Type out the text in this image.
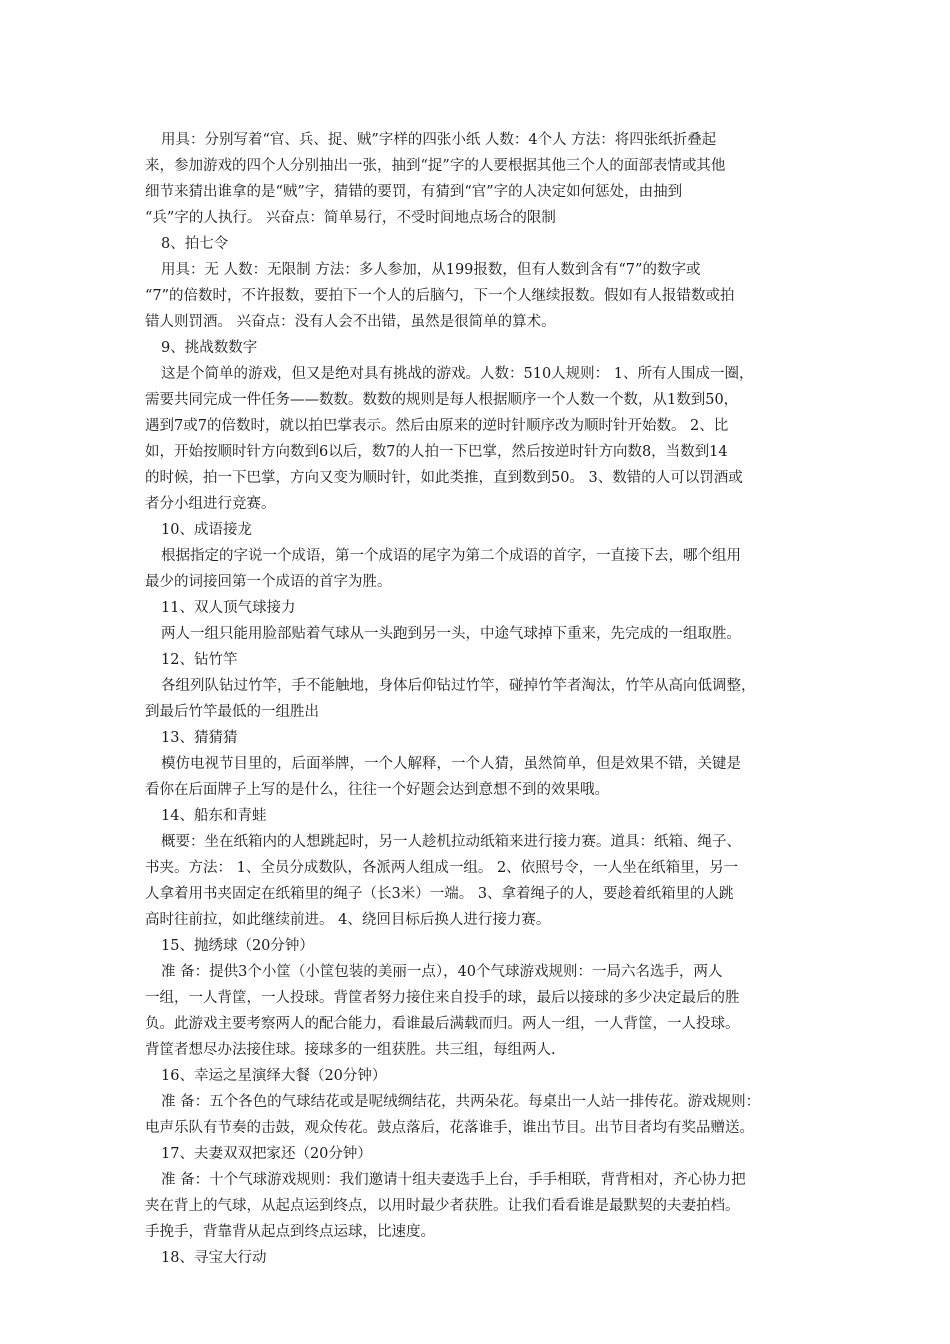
用具：分别写着“官、兵、捉、贼”字样的四张小纸 人数：4个人 方法：将四张纸折叠起
来，参加游戏的四个人分别抽出一张，抽到“捉”字的人要根据其他三个人的面部表情或其他
细节来猜出谁拿的是“贼”字，猜错的要罚，有猜到“官”字的人决定如何惩处，由抽到
“兵”字的人执行。 兴奋点：简单易行，不受时间地点场合的限制
8、拍七令
用具：无 人数：无限制 方法：多人参加，从199报数，但有人数到含有“7”的数字或
“7”的倍数时，不许报数，要拍下一个人的后脑勺，下一个人继续报数。假如有人报错数或拍
错人则罚酒。 兴奋点：没有人会不出错，虽然是很简单的算术。
9、挑战数数字
这是个简单的游戏，但又是绝对具有挑战的游戏。人数：510人规则： 1、所有人围成一圈，
需要共同完成一件任务——数数。数数的规则是每人根据顺序一个人数一个数，从1数到50，
遇到7或7的倍数时，就以拍巴掌表示。然后由原来的逆时针顺序改为顺时针开始数。 2、比
如，开始按顺时针方向数到6以后，数7的人拍一下巴掌，然后按逆时针方向数8，当数到14
的时候，拍一下巴掌，方向又变为顺时针，如此类推，直到数到50。 3、数错的人可以罚酒或
者分小组进行竞赛。
10、成语接龙
根据指定的字说一个成语，第一个成语的尾字为第二个成语的首字，一直接下去，哪个组用
最少的词接回第一个成语的首字为胜。
11、双人顶气球接力
两人一组只能用脸部贴着气球从一头跑到另一头，中途气球掉下重来，先完成的一组取胜。
12、钻竹竿
各组列队钻过竹竿，手不能触地，身体后仰钻过竹竿，碰掉竹竿者淘汰，竹竿从高向低调整，
到最后竹竿最低的一组胜出
13、猜猜猜
模仿电视节目里的，后面举牌，一个人解释，一个人猜，虽然简单，但是效果不错，关键是
看你在后面牌子上写的是什么，往往一个好题会达到意想不到的效果哦。
14、船东和青蛙
概要：坐在纸箱内的人想跳起时，另一人趁机拉动纸箱来进行接力赛。道具：纸箱、绳子、
书夹。方法： 1、全员分成数队，各派两人组成一组。 2、依照号令，一人坐在纸箱里，另一
人拿着用书夹固定在纸箱里的绳子（长3米）一端。 3、拿着绳子的人，要趁着纸箱里的人跳
高时往前拉，如此继续前进。 4、绕回目标后换人进行接力赛。
15、抛绣球（20分钟）
准 备：提供3个小筐（小筐包装的美丽一点），40个气球游戏规则：一局六名选手，两人
一组，一人背筐，一人投球。背筐者努力接住来自投手的球，最后以接球的多少决定最后的胜
负。此游戏主要考察两人的配合能力，看谁最后满载而归。两人一组，一人背筐，一人投球。
背筐者想尽办法接住球。接球多的一组获胜。共三组，每组两人.
16、幸运之星演绎大餐（20分钟）
准 备：五个各色的气球结花或是呢绒绸结花，共两朵花。每桌出一人站一排传花。游戏规则：
电声乐队有节奏的击鼓，观众传花。鼓点落后，花落谁手，谁出节目。出节目者均有奖品赠送。
17、夫妻双双把家还（20分钟）
准 备：十个气球游戏规则：我们邀请十组夫妻选手上台，手手相联，背背相对，齐心协力把
夹在背上的气球，从起点运到终点，以用时最少者获胜。让我们看看谁是最默契的夫妻拍档。
手挽手，背靠背从起点到终点运球，比速度。
18、寻宝大行动
